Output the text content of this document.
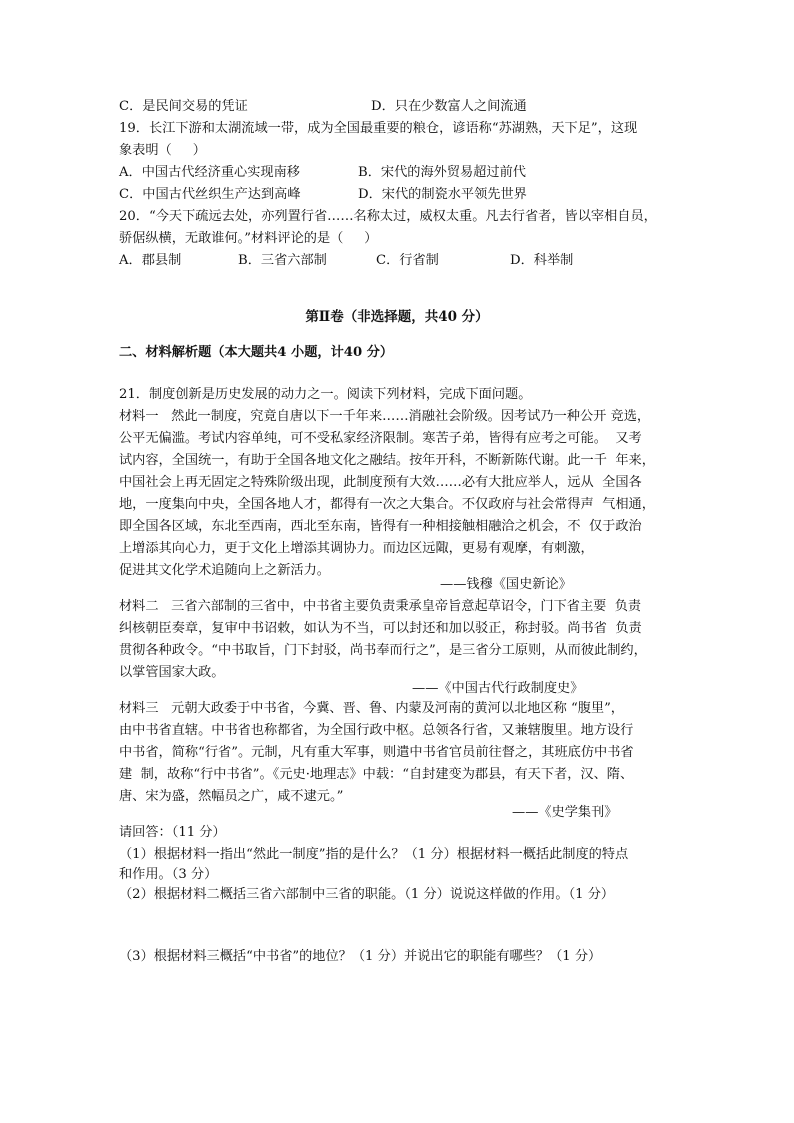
C．是民间交易的凭证	D．只在少数富人之间流通
19．长江下游和太湖流域一带，成为全国最重要的粮仓，谚语称“苏湖熟，天下足”，这现
象表明（     ）
A．中国古代经济重心实现南移	B．宋代的海外贸易超过前代
C．中国古代丝织生产达到高峰	D．宋代的制瓷水平领先世界
20．“今天下疏远去处，亦列置行省……名称太过，威权太重。凡去行省者，皆以宰相自员，
骄倨纵横，无敢谁何。”材料评论的是（     ）
A．郡县制	B．三省六部制	C．行省制	D．科举制
第Ⅱ卷（非选择题，共40 分）
二、材料解析题（本大题共4 小题，计40 分）
21．制度创新是历史发展的动力之一。阅读下列材料，完成下面问题。
材料一   然此一制度，究竟自唐以下一千年来……消融社会阶级。因考试乃一种公开 竞选，
公平无偏滥。考试内容单纯，可不受私家经济限制。寒苦子弟，皆得有应考之可能。  又考
试内容，全国统一，有助于全国各地文化之融结。按年开科，不断新陈代谢。此一千  年来，
中国社会上再无固定之特殊阶级出现，此制度预有大效……必有大批应举人，远从  全国各
地，一度集向中央，全国各地人才，都得有一次之大集合。不仅政府与社会常得声  气相通，
即全国各区域，东北至西南，西北至东南，皆得有一种相接触相融洽之机会，不  仅于政治
上增添其向心力，更于文化上增添其调协力。而边区远陬，更易有观摩，有刺激，
促进其文化学术追随向上之新活力。
——钱穆《国史新论》
材料二   三省六部制的三省中，中书省主要负责秉承皇帝旨意起草诏令，门下省主要  负责
纠核朝臣奏章，复审中书诏敕，如认为不当，可以封还和加以驳正，称封驳。尚书省  负责
贯彻各种政令。“中书取旨，门下封驳，尚书奉而行之”，是三省分工原则，从而彼此制约，
以掌管国家大政。
——《中国古代行政制度史》
材料三   元朝大政委于中书省，今冀、晋、鲁、内蒙及河南的黄河以北地区称 “腹里”，
由中书省直辖。中书省也称都省，为全国行政中枢。总领各行省，又兼辖腹里。地方设行
中书省，简称“行省”。元制，凡有重大军事，则遣中书省官员前往督之，其班底仿中书省
建  制，故称“行中书省”。《元史·地理志》中载：“自封建变为郡县，有天下者，汉、隋、
唐、宋为盛，然幅员之广，咸不逮元。”
——《史学集刊》
请回答：（11 分）
（1）根据材料一指出“然此一制度”指的是什么？（1 分）根据材料一概括此制度的特点
和作用。（3 分）
（2）根据材料二概括三省六部制中三省的职能。（1 分）说说这样做的作用。（1 分）
（3）根据材料三概括“中书省”的地位？（1 分）并说出它的职能有哪些？（1 分）
